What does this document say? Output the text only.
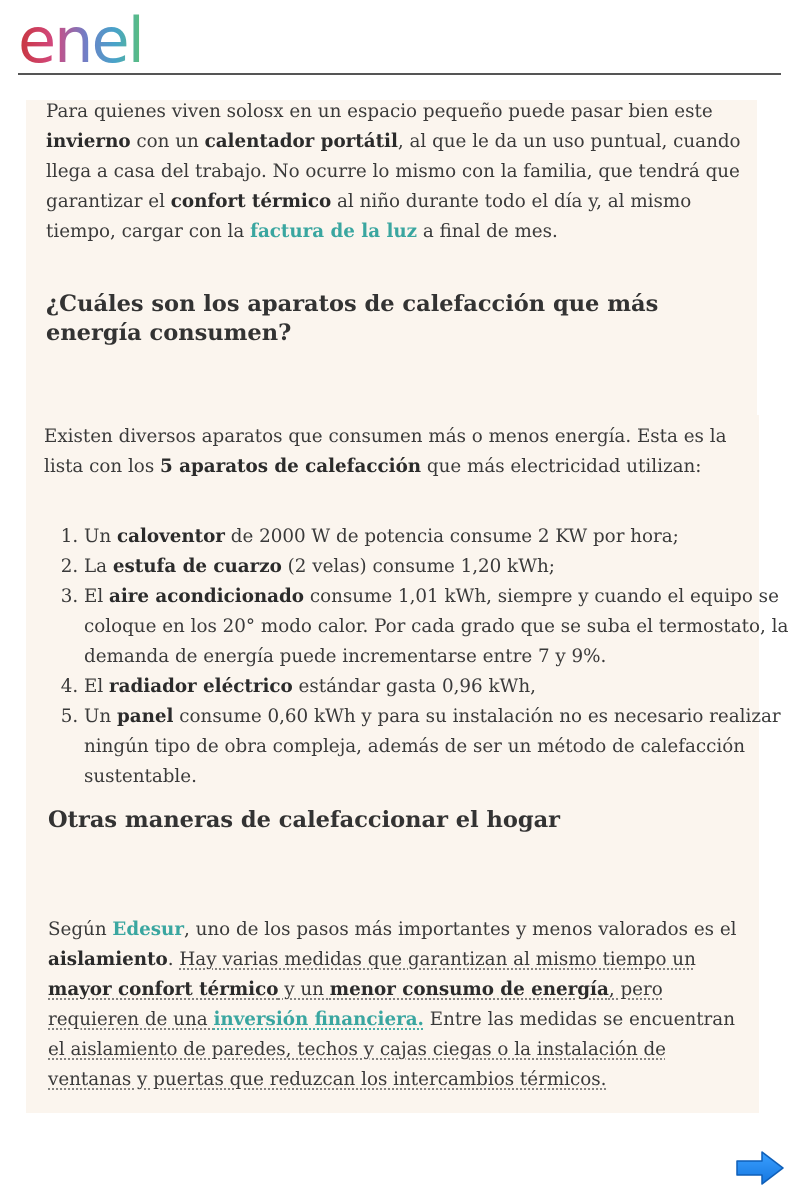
enel

Para quienes viven solosx en un espacio pequeño puede pasar bien este invierno con un calentador portátil, al que le da un uso puntual, cuando llega a casa del trabajo. No ocurre lo mismo con la familia, que tendrá que garantizar el confort térmico al niño durante todo el día y, al mismo tiempo, cargar con la factura de la luz a final de mes.

¿Cuáles son los aparatos de calefacción que más energía consumen?

Existen diversos aparatos que consumen más o menos energía. Esta es la lista con los 5 aparatos de calefacción que más electricidad utilizan:

1. Un caloventor de 2000 W de potencia consume 2 KW por hora;
2. La estufa de cuarzo (2 velas) consume 1,20 kWh;
3. El aire acondicionado consume 1,01 kWh, siempre y cuando el equipo se coloque en los 20° modo calor. Por cada grado que se suba el termostato, la demanda de energía puede incrementarse entre 7 y 9%.
4. El radiador eléctrico estándar gasta 0,96 kWh,
5. Un panel consume 0,60 kWh y para su instalación no es necesario realizar ningún tipo de obra compleja, además de ser un método de calefacción sustentable.
Otras maneras de calefaccionar el hogar

Según Edesur, uno de los pasos más importantes y menos valorados es el aislamiento. Hay varias medidas que garantizan al mismo tiempo un mayor confort térmico y un menor consumo de energía, pero requieren de una inversión financiera. Entre las medidas se encuentran el aislamiento de paredes, techos y cajas ciegas o la instalación de ventanas y puertas que reduzcan los intercambios térmicos.
